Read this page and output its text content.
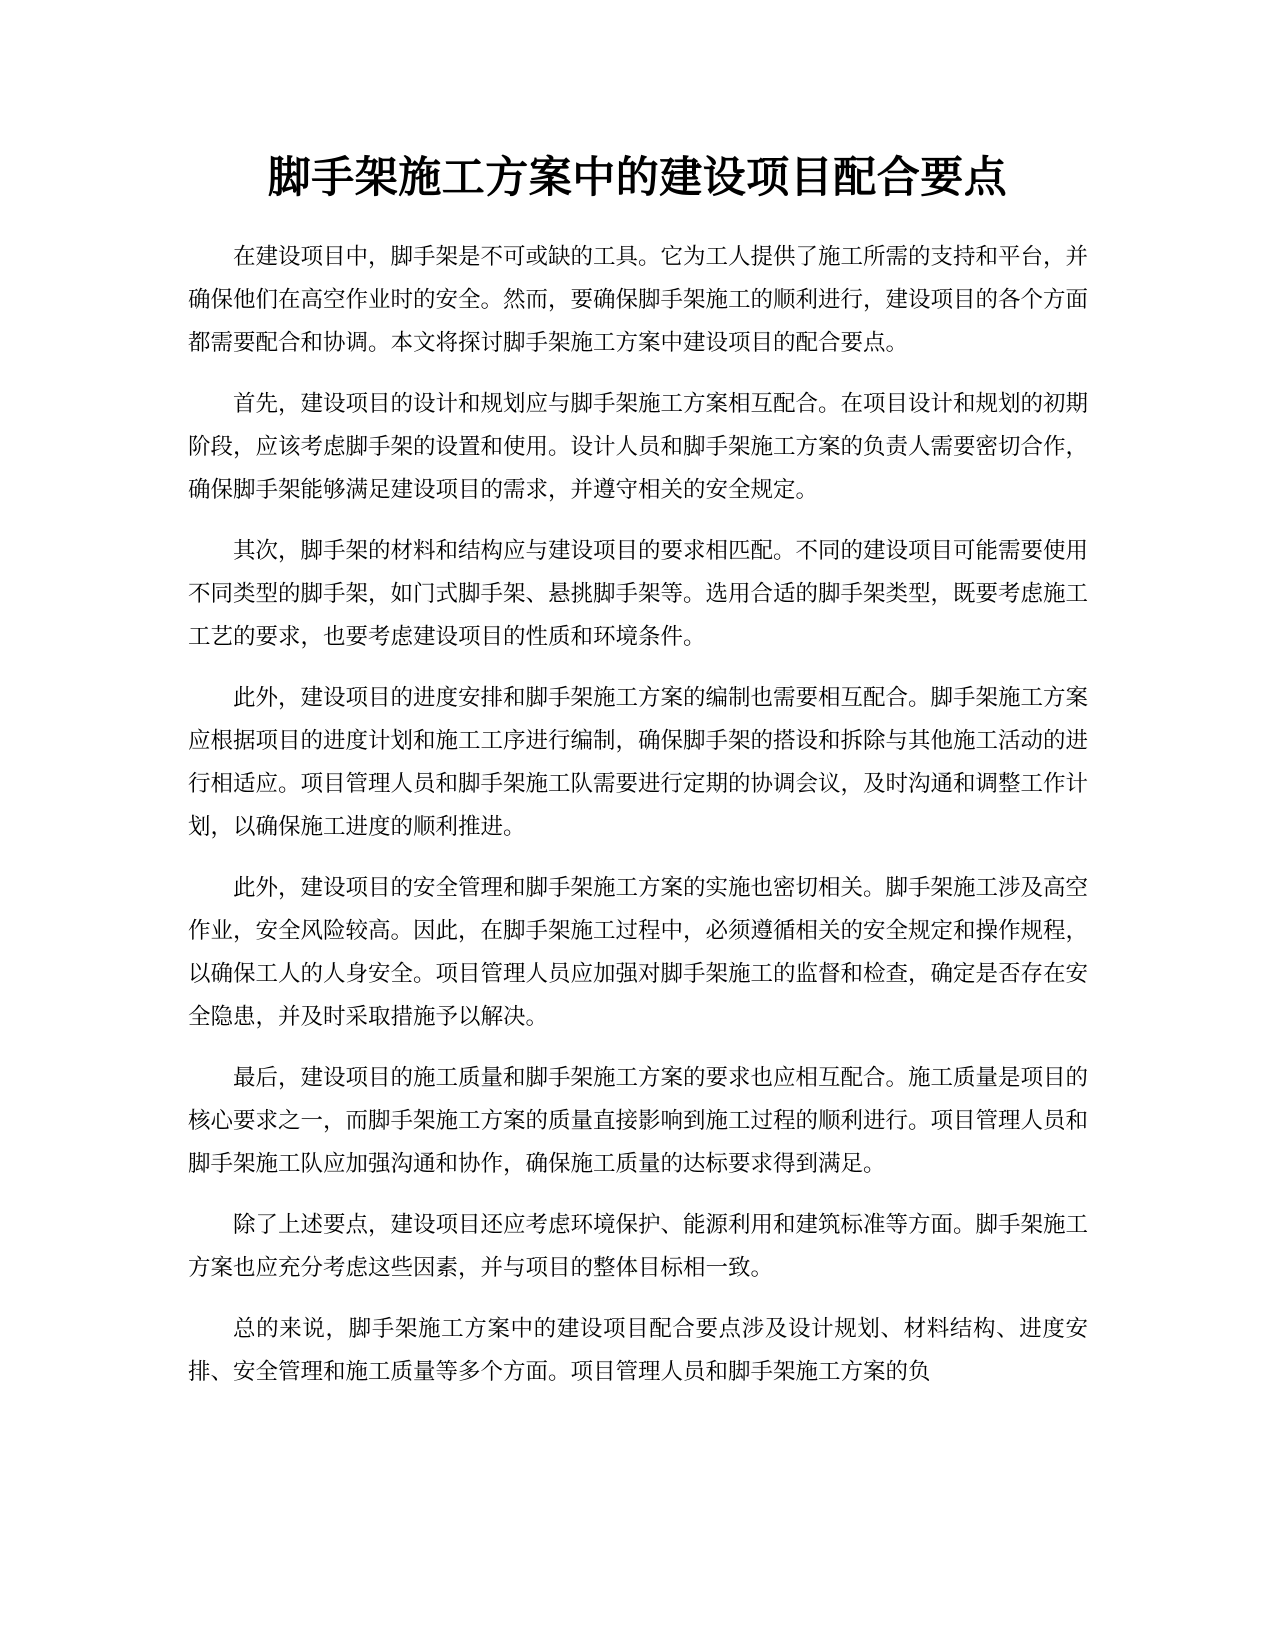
脚手架施工方案中的建设项目配合要点

在建设项目中，脚手架是不可或缺的工具。它为工人提供了施工所需的支持和平台，并确保他们在高空作业时的安全。然而，要确保脚手架施工的顺利进行，建设项目的各个方面都需要配合和协调。本文将探讨脚手架施工方案中建设项目的配合要点。

首先，建设项目的设计和规划应与脚手架施工方案相互配合。在项目设计和规划的初期阶段，应该考虑脚手架的设置和使用。设计人员和脚手架施工方案的负责人需要密切合作，确保脚手架能够满足建设项目的需求，并遵守相关的安全规定。

其次，脚手架的材料和结构应与建设项目的要求相匹配。不同的建设项目可能需要使用不同类型的脚手架，如门式脚手架、悬挑脚手架等。选用合适的脚手架类型，既要考虑施工工艺的要求，也要考虑建设项目的性质和环境条件。

此外，建设项目的进度安排和脚手架施工方案的编制也需要相互配合。脚手架施工方案应根据项目的进度计划和施工工序进行编制，确保脚手架的搭设和拆除与其他施工活动的进行相适应。项目管理人员和脚手架施工队需要进行定期的协调会议，及时沟通和调整工作计划，以确保施工进度的顺利推进。

此外，建设项目的安全管理和脚手架施工方案的实施也密切相关。脚手架施工涉及高空作业，安全风险较高。因此，在脚手架施工过程中，必须遵循相关的安全规定和操作规程，以确保工人的人身安全。项目管理人员应加强对脚手架施工的监督和检查，确定是否存在安全隐患，并及时采取措施予以解决。

最后，建设项目的施工质量和脚手架施工方案的要求也应相互配合。施工质量是项目的核心要求之一，而脚手架施工方案的质量直接影响到施工过程的顺利进行。项目管理人员和脚手架施工队应加强沟通和协作，确保施工质量的达标要求得到满足。

除了上述要点，建设项目还应考虑环境保护、能源利用和建筑标准等方面。脚手架施工方案也应充分考虑这些因素，并与项目的整体目标相一致。

总的来说，脚手架施工方案中的建设项目配合要点涉及设计规划、材料结构、进度安排、安全管理和施工质量等多个方面。项目管理人员和脚手架施工方案的负
